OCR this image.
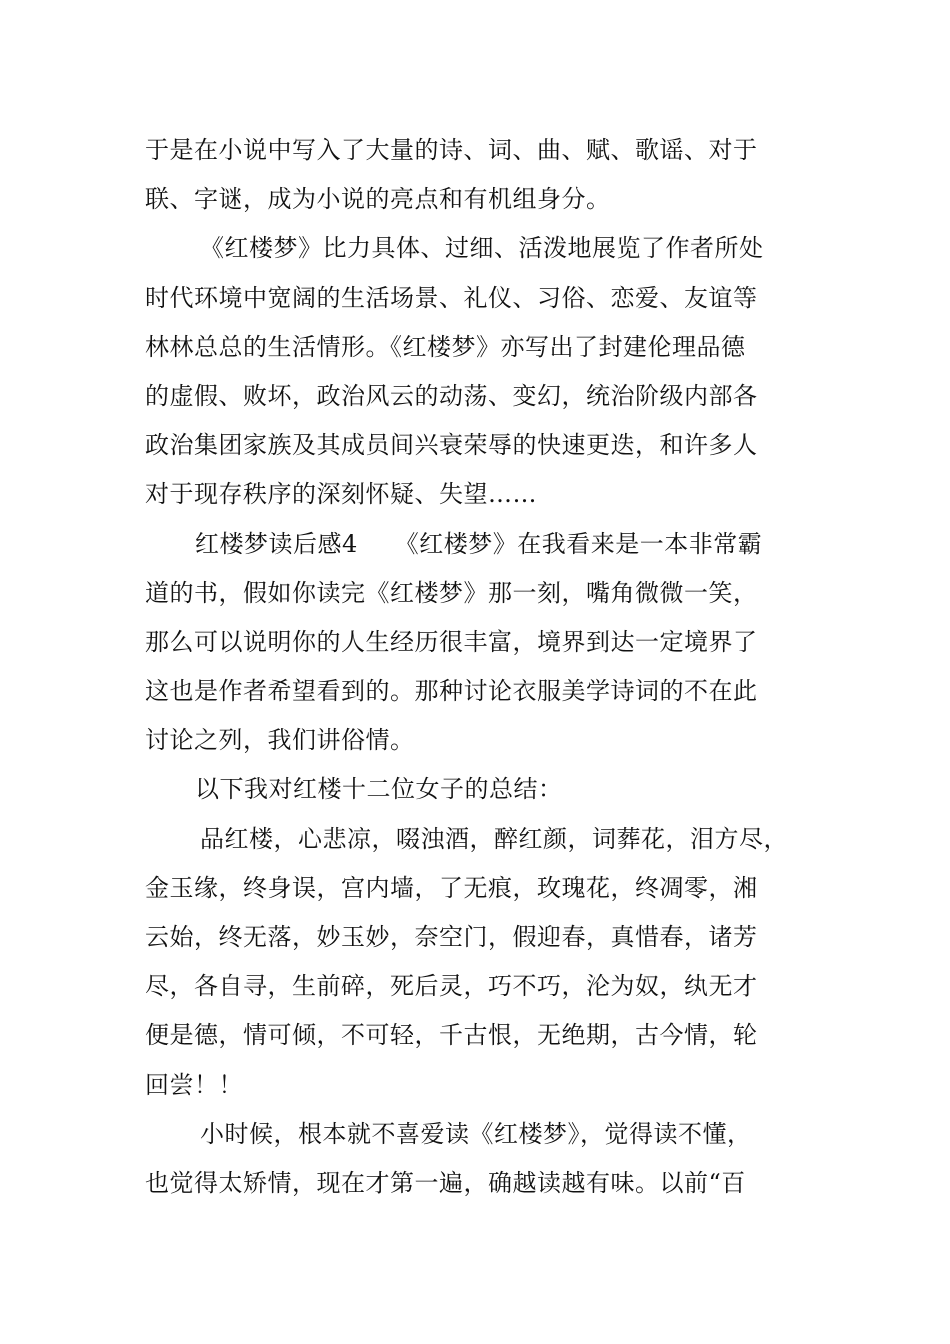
于是在小说中写入了大量的诗、词、曲、赋、歌谣、对于
联、字谜，成为小说的亮点和有机组身分。
《红楼梦》比力具体、过细、活泼地展览了作者所处
时代环境中宽阔的生活场景、礼仪、习俗、恋爱、友谊等
林林总总的生活情形。《红楼梦》亦写出了封建伦理品德
的虚假、败坏，政治风云的动荡、变幻，统治阶级内部各
政治集团家族及其成员间兴衰荣辱的快速更迭，和许多人
对于现存秩序的深刻怀疑、失望……
红楼梦读后感4　　《红楼梦》在我看来是一本非常霸
道的书，假如你读完《红楼梦》那一刻，嘴角微微一笑，
那么可以说明你的人生经历很丰富，境界到达一定境界了
这也是作者希望看到的。那种讨论衣服美学诗词的不在此
讨论之列，我们讲俗情。
以下我对红楼十二位女子的总结：
品红楼，心悲凉，啜浊酒，醉红颜，词葬花，泪方尽，
金玉缘，终身误，宫内墙，了无痕，玫瑰花，终凋零，湘
云始，终无落，妙玉妙，奈空门，假迎春，真惜春，诸芳
尽，各自寻，生前碎，死后灵，巧不巧，沦为奴，纨无才
便是德，情可倾，不可轻，千古恨，无绝期，古今情，轮
回尝！！
小时候，根本就不喜爱读《红楼梦》，觉得读不懂，
也觉得太矫情，现在才第一遍，确越读越有味。以前“百
